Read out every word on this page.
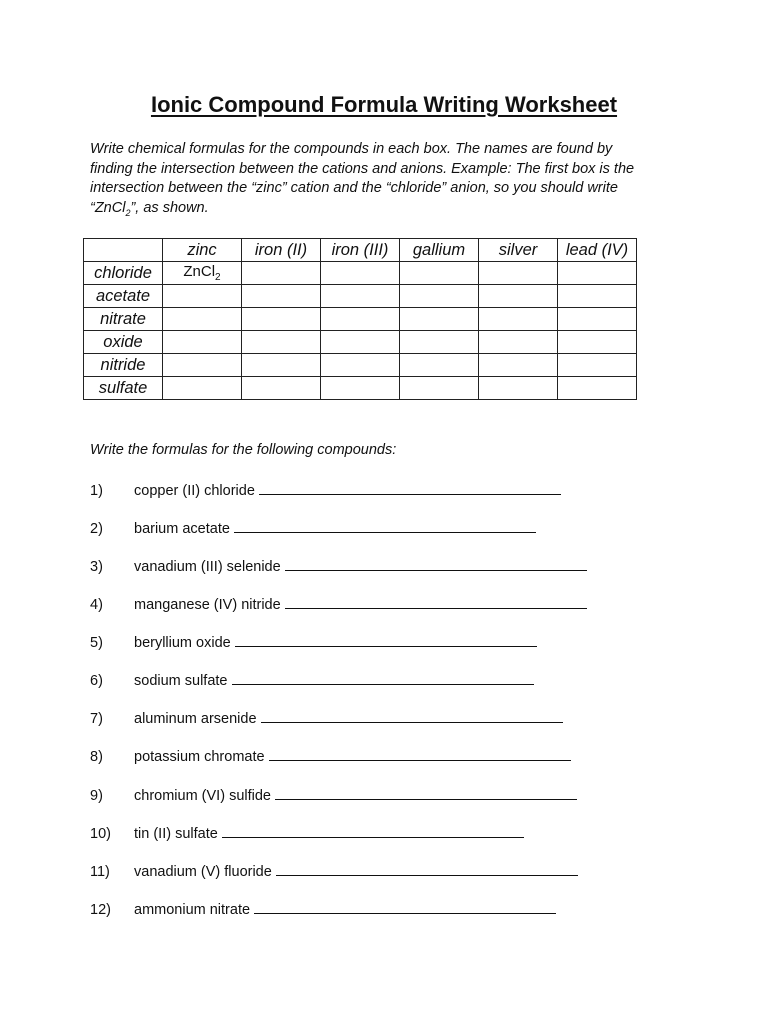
Ionic Compound Formula Writing Worksheet

Write chemical formulas for the compounds in each box. The names are found by
finding the intersection between the cations and anions. Example: The first box is the
intersection between the “zinc” cation and the “chloride” anion, so you should write
“ZnCl$_2$”, as shown.

	zinc	iron (II)	iron (III)	gallium	silver	lead (IV)
chloride	ZnCl$_2$					
acetate						
nitrate						
oxide						
nitride						
sulfate						

Write the formulas for the following compounds:

1) copper (II) chloride
2) barium acetate
3) vanadium (III) selenide
4) manganese (IV) nitride
5) beryllium oxide
6) sodium sulfate
7) aluminum arsenide
8) potassium chromate
9) chromium (VI) sulfide
10) tin (II) sulfate
11) vanadium (V) fluoride
12) ammonium nitrate
